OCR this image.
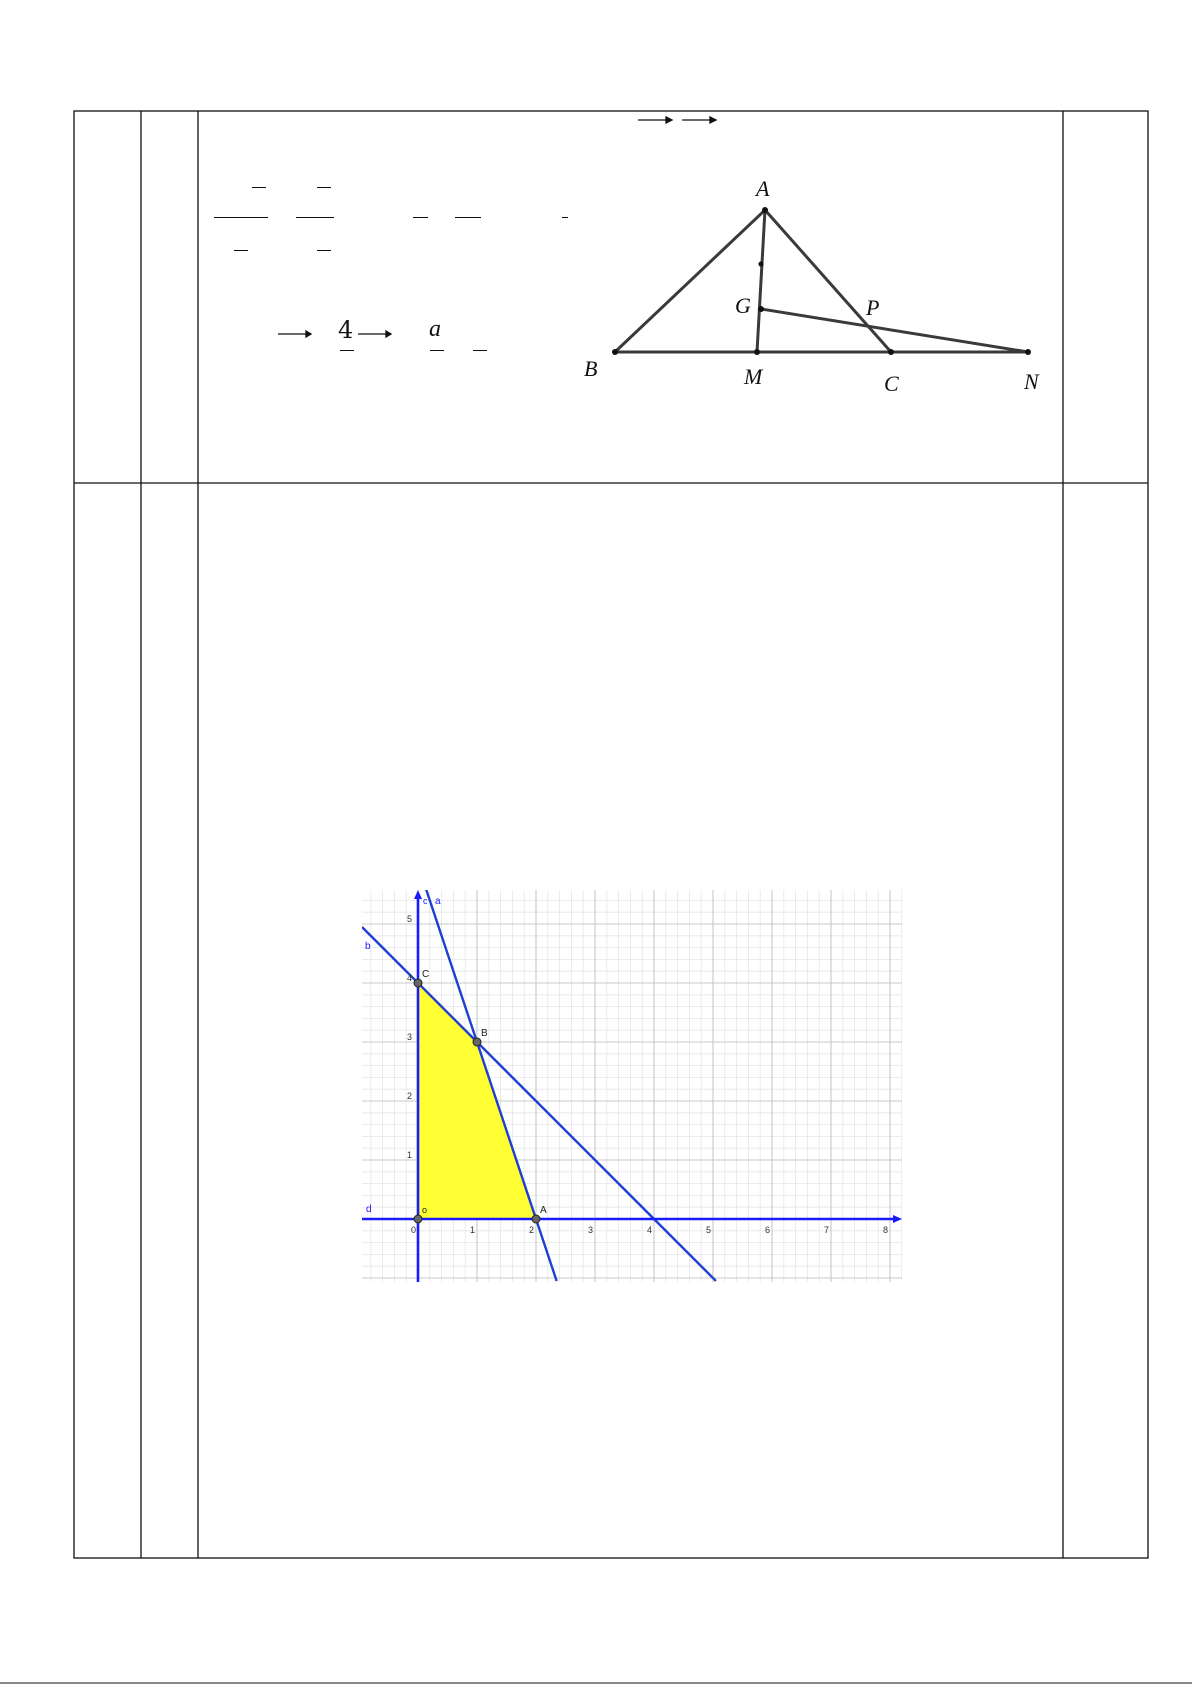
4	a
A
B
G	P
M	C	N
0	1	2	3	4	5	6	7	8
1
2
3
4
5
C
B
A
o
c a
b
d
